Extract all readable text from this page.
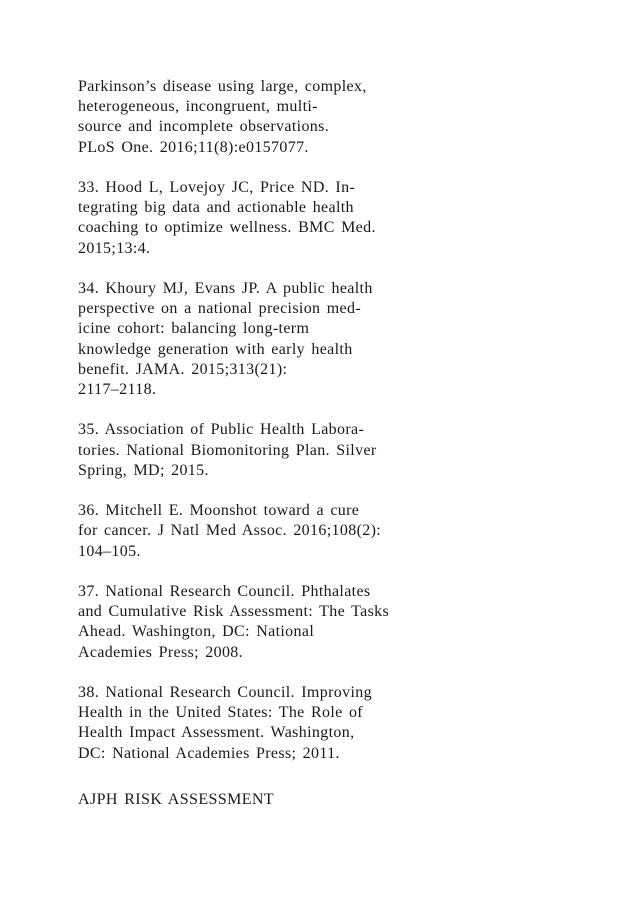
Parkinson’s disease using large, complex,
heterogeneous, incongruent, multi-
source and incomplete observations.
PLoS One. 2016;11(8):e0157077.
33. Hood L, Lovejoy JC, Price ND. In-
tegrating big data and actionable health
coaching to optimize wellness. BMC Med.
2015;13:4.
34. Khoury MJ, Evans JP. A public health
perspective on a national precision med-
icine cohort: balancing long-term
knowledge generation with early health
benefit. JAMA. 2015;313(21):
2117–2118.
35. Association of Public Health Labora-
tories. National Biomonitoring Plan. Silver
Spring, MD; 2015.
36. Mitchell E. Moonshot toward a cure
for cancer. J Natl Med Assoc. 2016;108(2):
104–105.
37. National Research Council. Phthalates
and Cumulative Risk Assessment: The Tasks
Ahead. Washington, DC: National
Academies Press; 2008.
38. National Research Council. Improving
Health in the United States: The Role of
Health Impact Assessment. Washington,
DC: National Academies Press; 2011.
AJPH RISK ASSESSMENT
